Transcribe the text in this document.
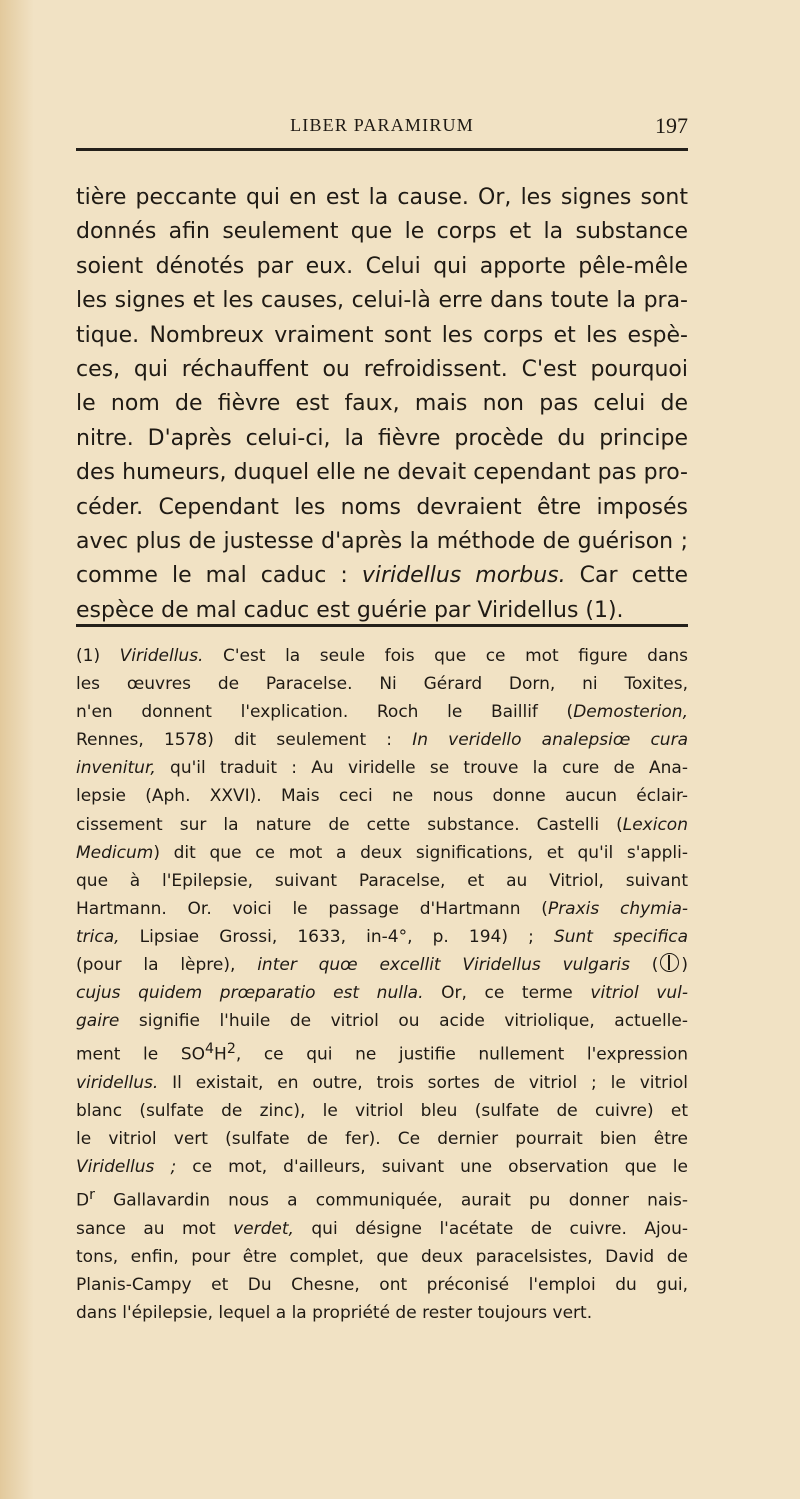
LIBER PARAMIRUM	197
tière peccante qui en est la cause. Or, les signes sont
donnés afin seulement que le corps et la substance
soient dénotés par eux. Celui qui apporte pêle-mêle
les signes et les causes, celui-là erre dans toute la pra-
tique. Nombreux vraiment sont les corps et les espè-
ces, qui réchauffent ou refroidissent. C'est pourquoi
le nom de fièvre est faux, mais non pas celui de
nitre. D'après celui-ci, la fièvre procède du principe
des humeurs, duquel elle ne devait cependant pas pro-
céder. Cependant les noms devraient être imposés
avec plus de justesse d'après la méthode de guérison ;
comme le mal caduc : viridellus morbus. Car cette
espèce de mal caduc est guérie par Viridellus (1).
(1) Viridellus. C'est la seule fois que ce mot figure dans
les œuvres de Paracelse. Ni Gérard Dorn, ni Toxites,
n'en donnent l'explication. Roch le Baillif (Demosterion,
Rennes, 1578) dit seulement : In veridello analepsiœ cura
invenitur, qu'il traduit : Au viridelle se trouve la cure de Ana-
lepsie (Aph. XXVI). Mais ceci ne nous donne aucun éclair-
cissement sur la nature de cette substance. Castelli (Lexicon
Medicum) dit que ce mot a deux significations, et qu'il s'appli-
que à l'Epilepsie, suivant Paracelse, et au Vitriol, suivant
Hartmann. Or. voici le passage d'Hartmann (Praxis chymia-
trica, Lipsiae Grossi, 1633, in-4°, p. 194) ; Sunt specifica
(pour la lèpre), inter quœ excellit Viridellus vulgaris ( )
cujus quidem prœparatio est nulla. Or, ce terme vitriol vul-
gaire signifie l'huile de vitriol ou acide vitriolique, actuelle-
ment le $SO^4H^2$, ce qui ne justifie nullement l'expression
viridellus. Il existait, en outre, trois sortes de vitriol ; le vitriol
blanc (sulfate de zinc), le vitriol bleu (sulfate de cuivre) et
le vitriol vert (sulfate de fer). Ce dernier pourrait bien être
Viridellus ; ce mot, d'ailleurs, suivant une observation que le
$D^r$ Gallavardin nous a communiquée, aurait pu donner nais-
sance au mot verdet, qui désigne l'acétate de cuivre. Ajou-
tons, enfin, pour être complet, que deux paracelsistes, David de
Planis-Campy et Du Chesne, ont préconisé l'emploi du gui,
dans l'épilepsie, lequel a la propriété de rester toujours vert.
